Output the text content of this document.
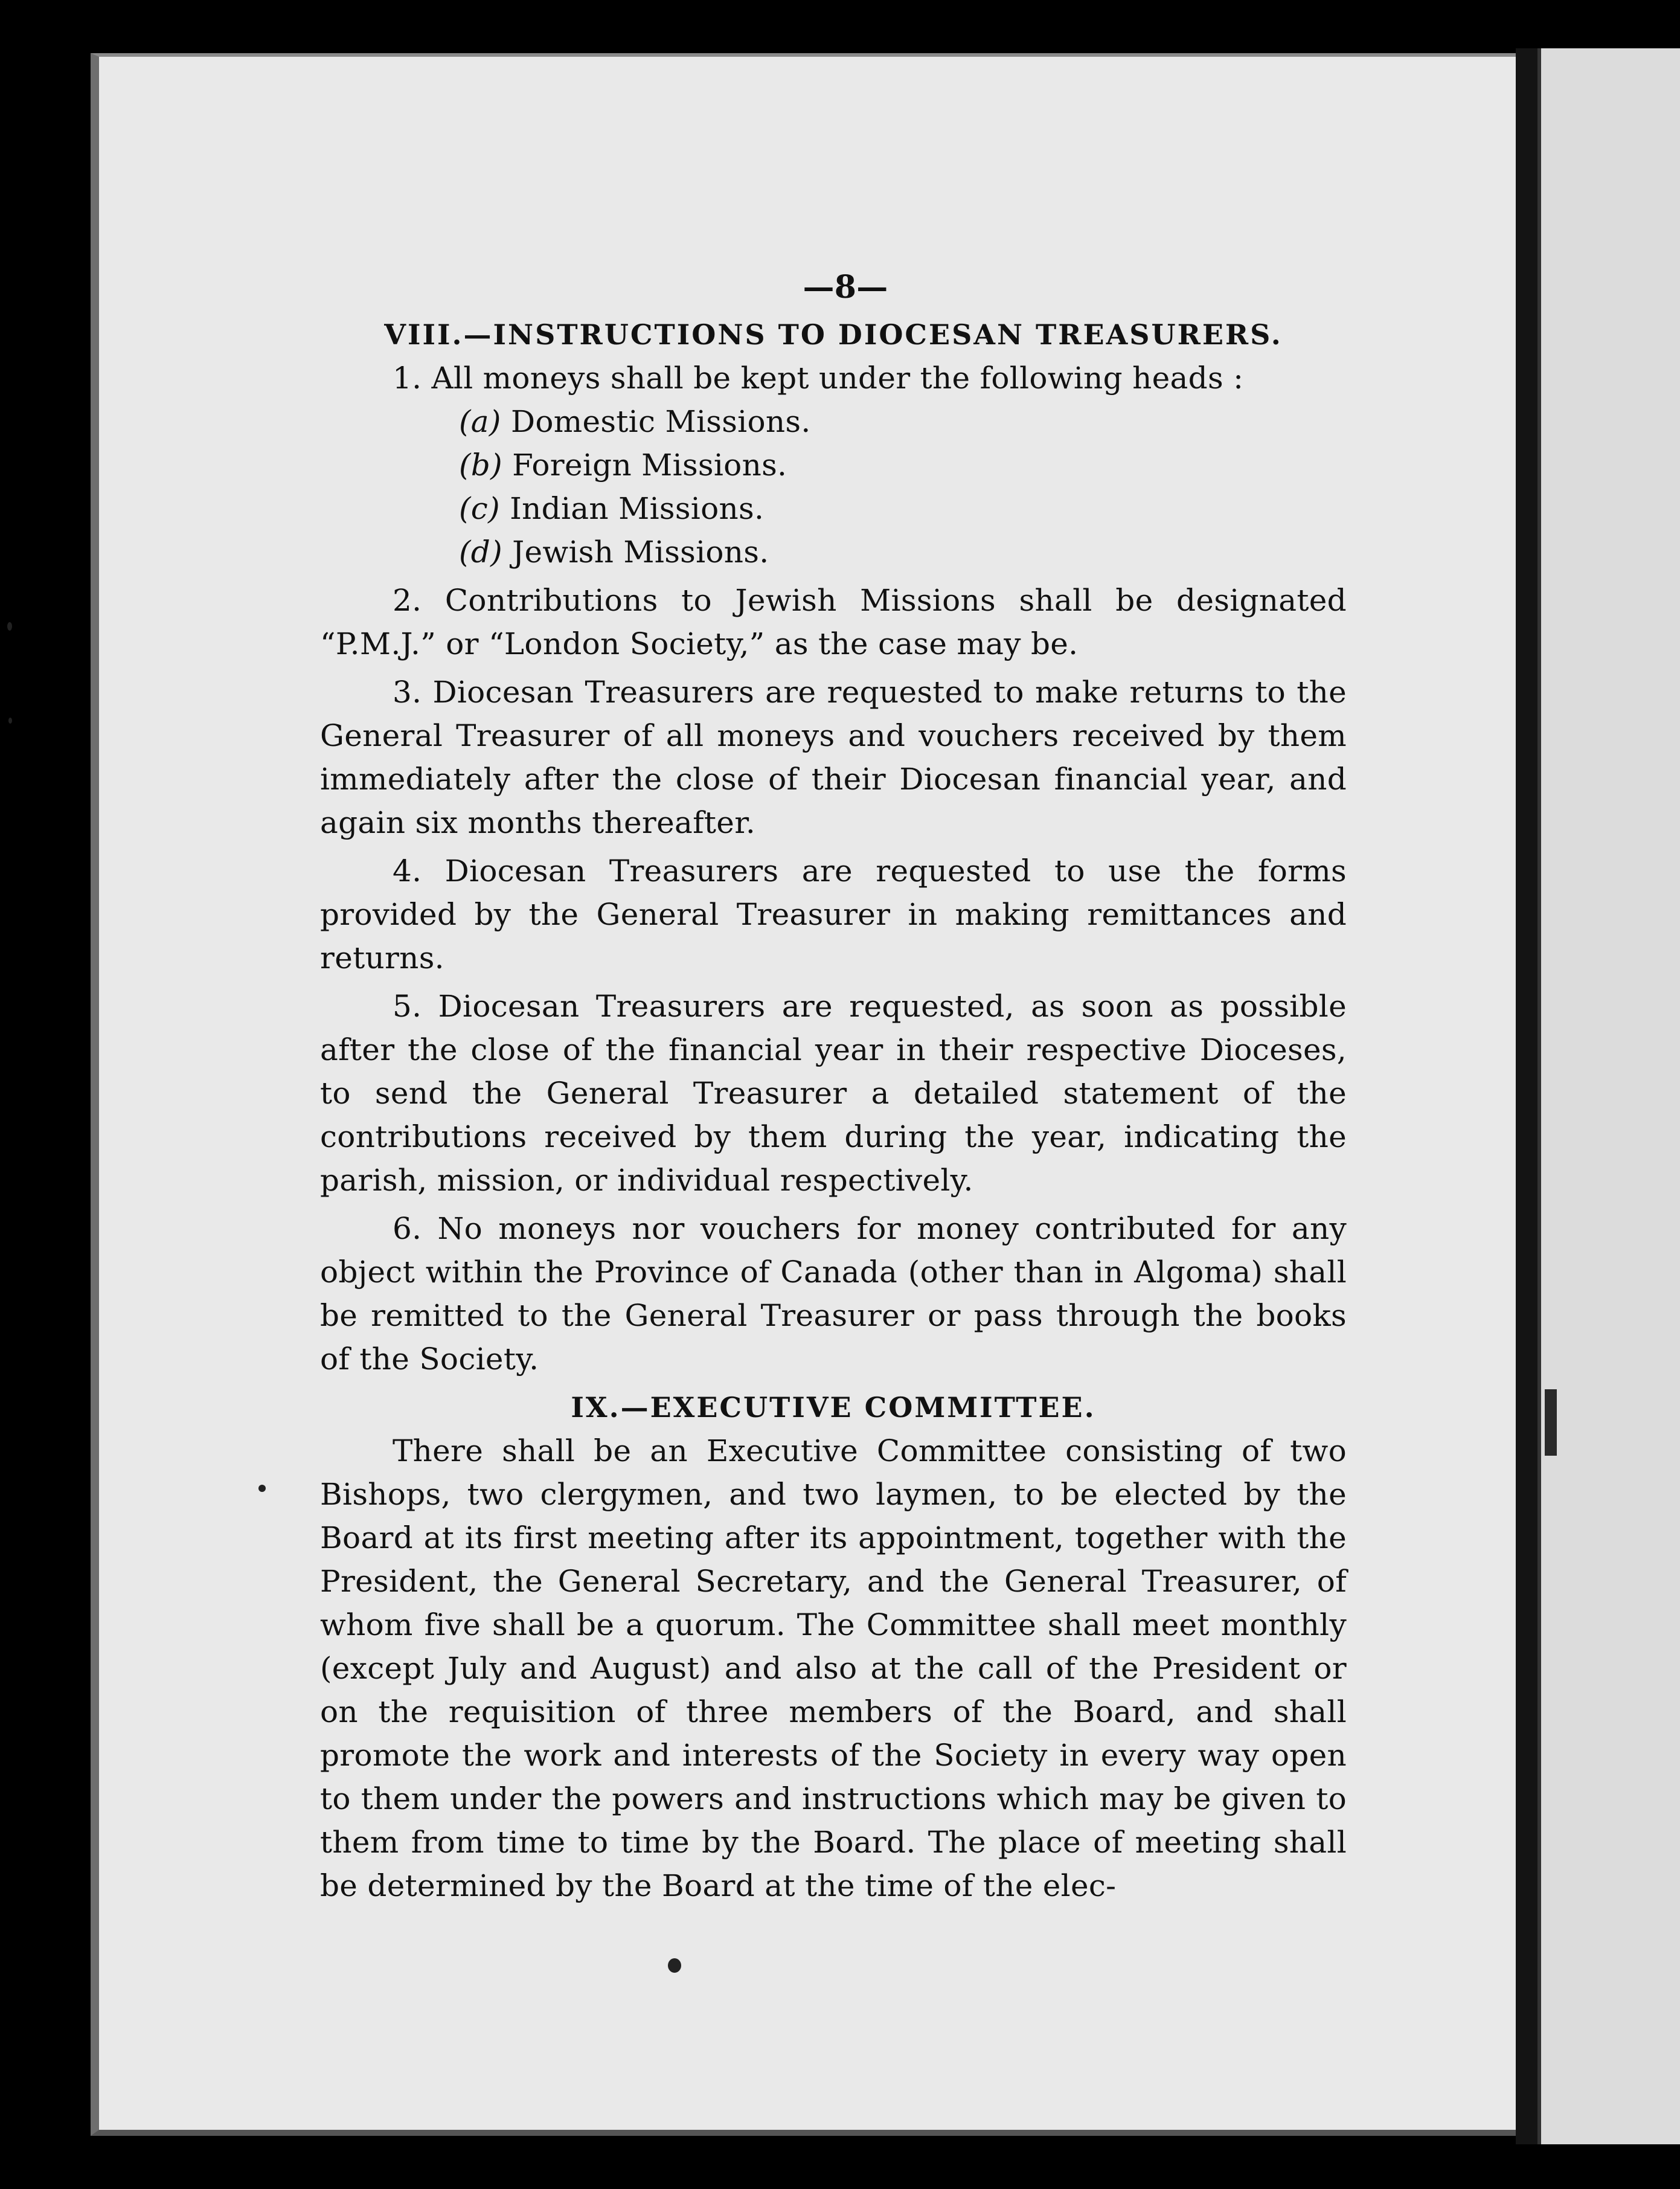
—8—
VIII.—INSTRUCTIONS TO DIOCESAN TREASURERS.

1. All moneys shall be kept under the following heads :

(a) Domestic Missions.
(b) Foreign Missions.
(c) Indian Missions.
(d) Jewish Missions.

2. Contributions to Jewish Missions shall be designated “P.M.J.” or “London Society,” as the case may be.

3. Diocesan Treasurers are requested to make returns to the General Treasurer of all moneys and vouchers received by them immediately after the close of their Diocesan financial year, and again six months thereafter.

4. Diocesan Treasurers are requested to use the forms provided by the General Treasurer in making remittances and returns.

5. Diocesan Treasurers are requested, as soon as possible after the close of the financial year in their respective Dioceses, to send the General Treasurer a detailed statement of the contributions received by them during the year, indicating the parish, mission, or individual respectively.

6. No moneys nor vouchers for money contributed for any object within the Province of Canada (other than in Algoma) shall be remitted to the General Treasurer or pass through the books of the Society.

IX.—EXECUTIVE COMMITTEE.

There shall be an Executive Committee consisting of two Bishops, two clergymen, and two laymen, to be elected by the Board at its first meeting after its appointment, together with the President, the General Secretary, and the General Treasurer, of whom five shall be a quorum. The Committee shall meet monthly (except July and August) and also at the call of the President or on the requisition of three members of the Board, and shall promote the work and interests of the Society in every way open to them under the powers and instructions which may be given to them from time to time by the Board. The place of meeting shall be determined by the Board at the time of the elec-
